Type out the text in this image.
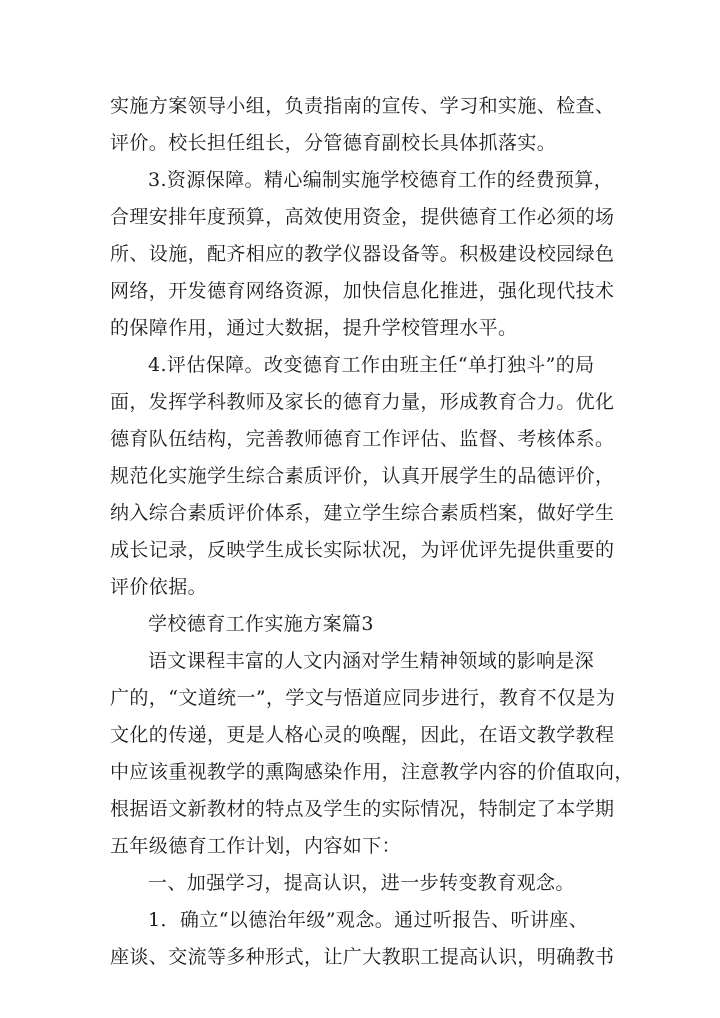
实施方案领导小组，负责指南的宣传、学习和实施、检查、
评价。校长担任组长，分管德育副校长具体抓落实。
3.资源保障。精心编制实施学校德育工作的经费预算，
合理安排年度预算，高效使用资金，提供德育工作必须的场
所、设施，配齐相应的教学仪器设备等。积极建设校园绿色
网络，开发德育网络资源，加快信息化推进，强化现代技术
的保障作用，通过大数据，提升学校管理水平。
4.评估保障。改变德育工作由班主任“单打独斗”的局
面，发挥学科教师及家长的德育力量，形成教育合力。优化
德育队伍结构，完善教师德育工作评估、监督、考核体系。
规范化实施学生综合素质评价，认真开展学生的品德评价，
纳入综合素质评价体系，建立学生综合素质档案，做好学生
成长记录，反映学生成长实际状况，为评优评先提供重要的
评价依据。
学校德育工作实施方案篇3
语文课程丰富的人文内涵对学生精神领域的影响是深
广的，“文道统一”，学文与悟道应同步进行，教育不仅是为
文化的传递，更是人格心灵的唤醒，因此，在语文教学教程
中应该重视教学的熏陶感染作用，注意教学内容的价值取向，
根据语文新教材的特点及学生的实际情况，特制定了本学期
五年级德育工作计划，内容如下：
一、加强学习，提高认识，进一步转变教育观念。
1．确立“以德治年级”观念。通过听报告、听讲座、
座谈、交流等多种形式，让广大教职工提高认识，明确教书
